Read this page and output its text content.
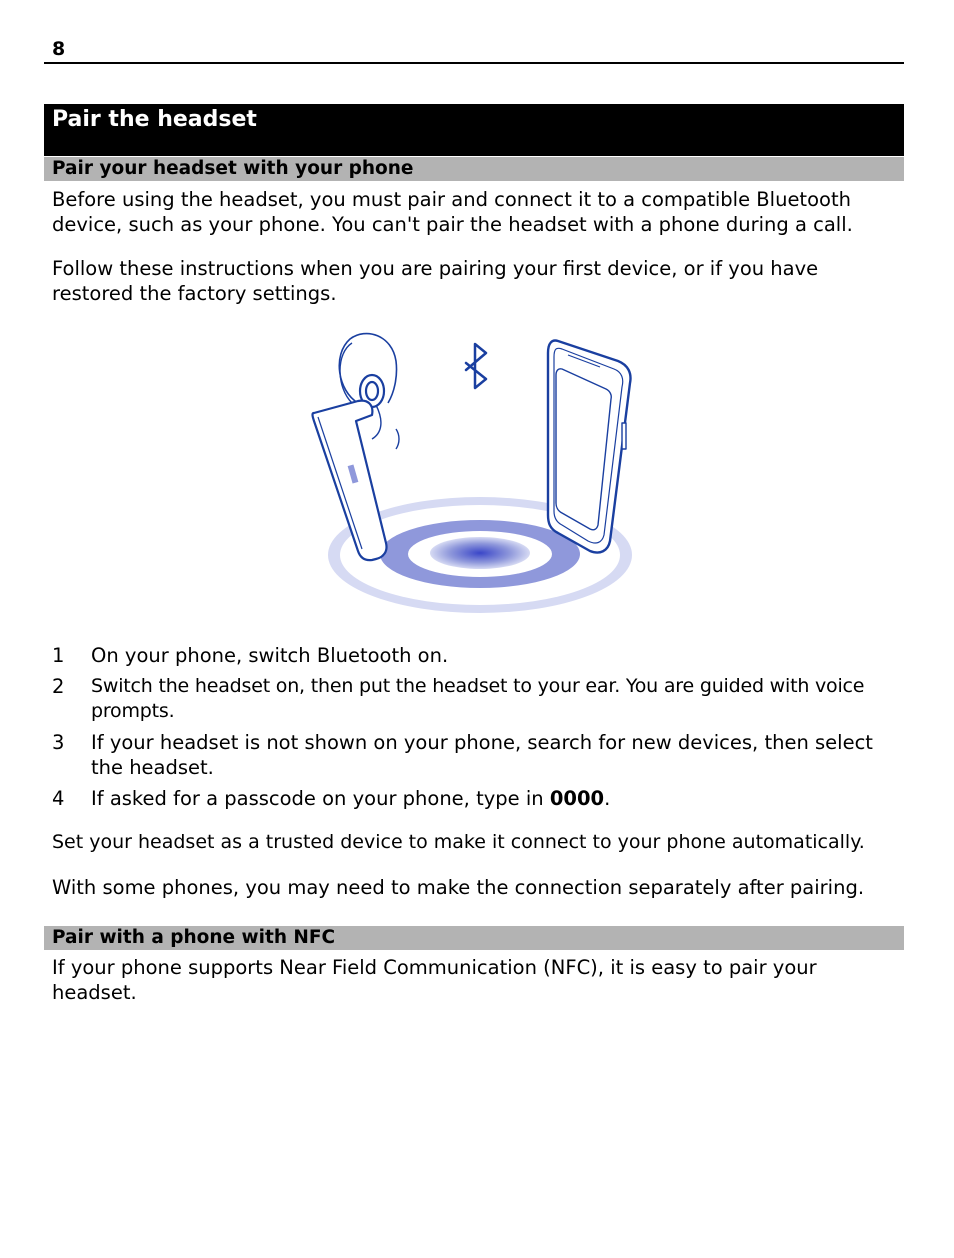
8
Pair the headset
Pair your headset with your phone
Before using the headset, you must pair and connect it to a compatible Bluetooth device, such as your phone. You can't pair the headset with a phone during a call.
Follow these instructions when you are pairing your first device, or if you have restored the factory settings.
1 On your phone, switch Bluetooth on.
2 Switch the headset on, then put the headset to your ear. You are guided with voice prompts.
3 If your headset is not shown on your phone, search for new devices, then select the headset.
4 If asked for a passcode on your phone, type in 0000.
Set your headset as a trusted device to make it connect to your phone automatically.
With some phones, you may need to make the connection separately after pairing.
Pair with a phone with NFC
If your phone supports Near Field Communication (NFC), it is easy to pair your headset.
